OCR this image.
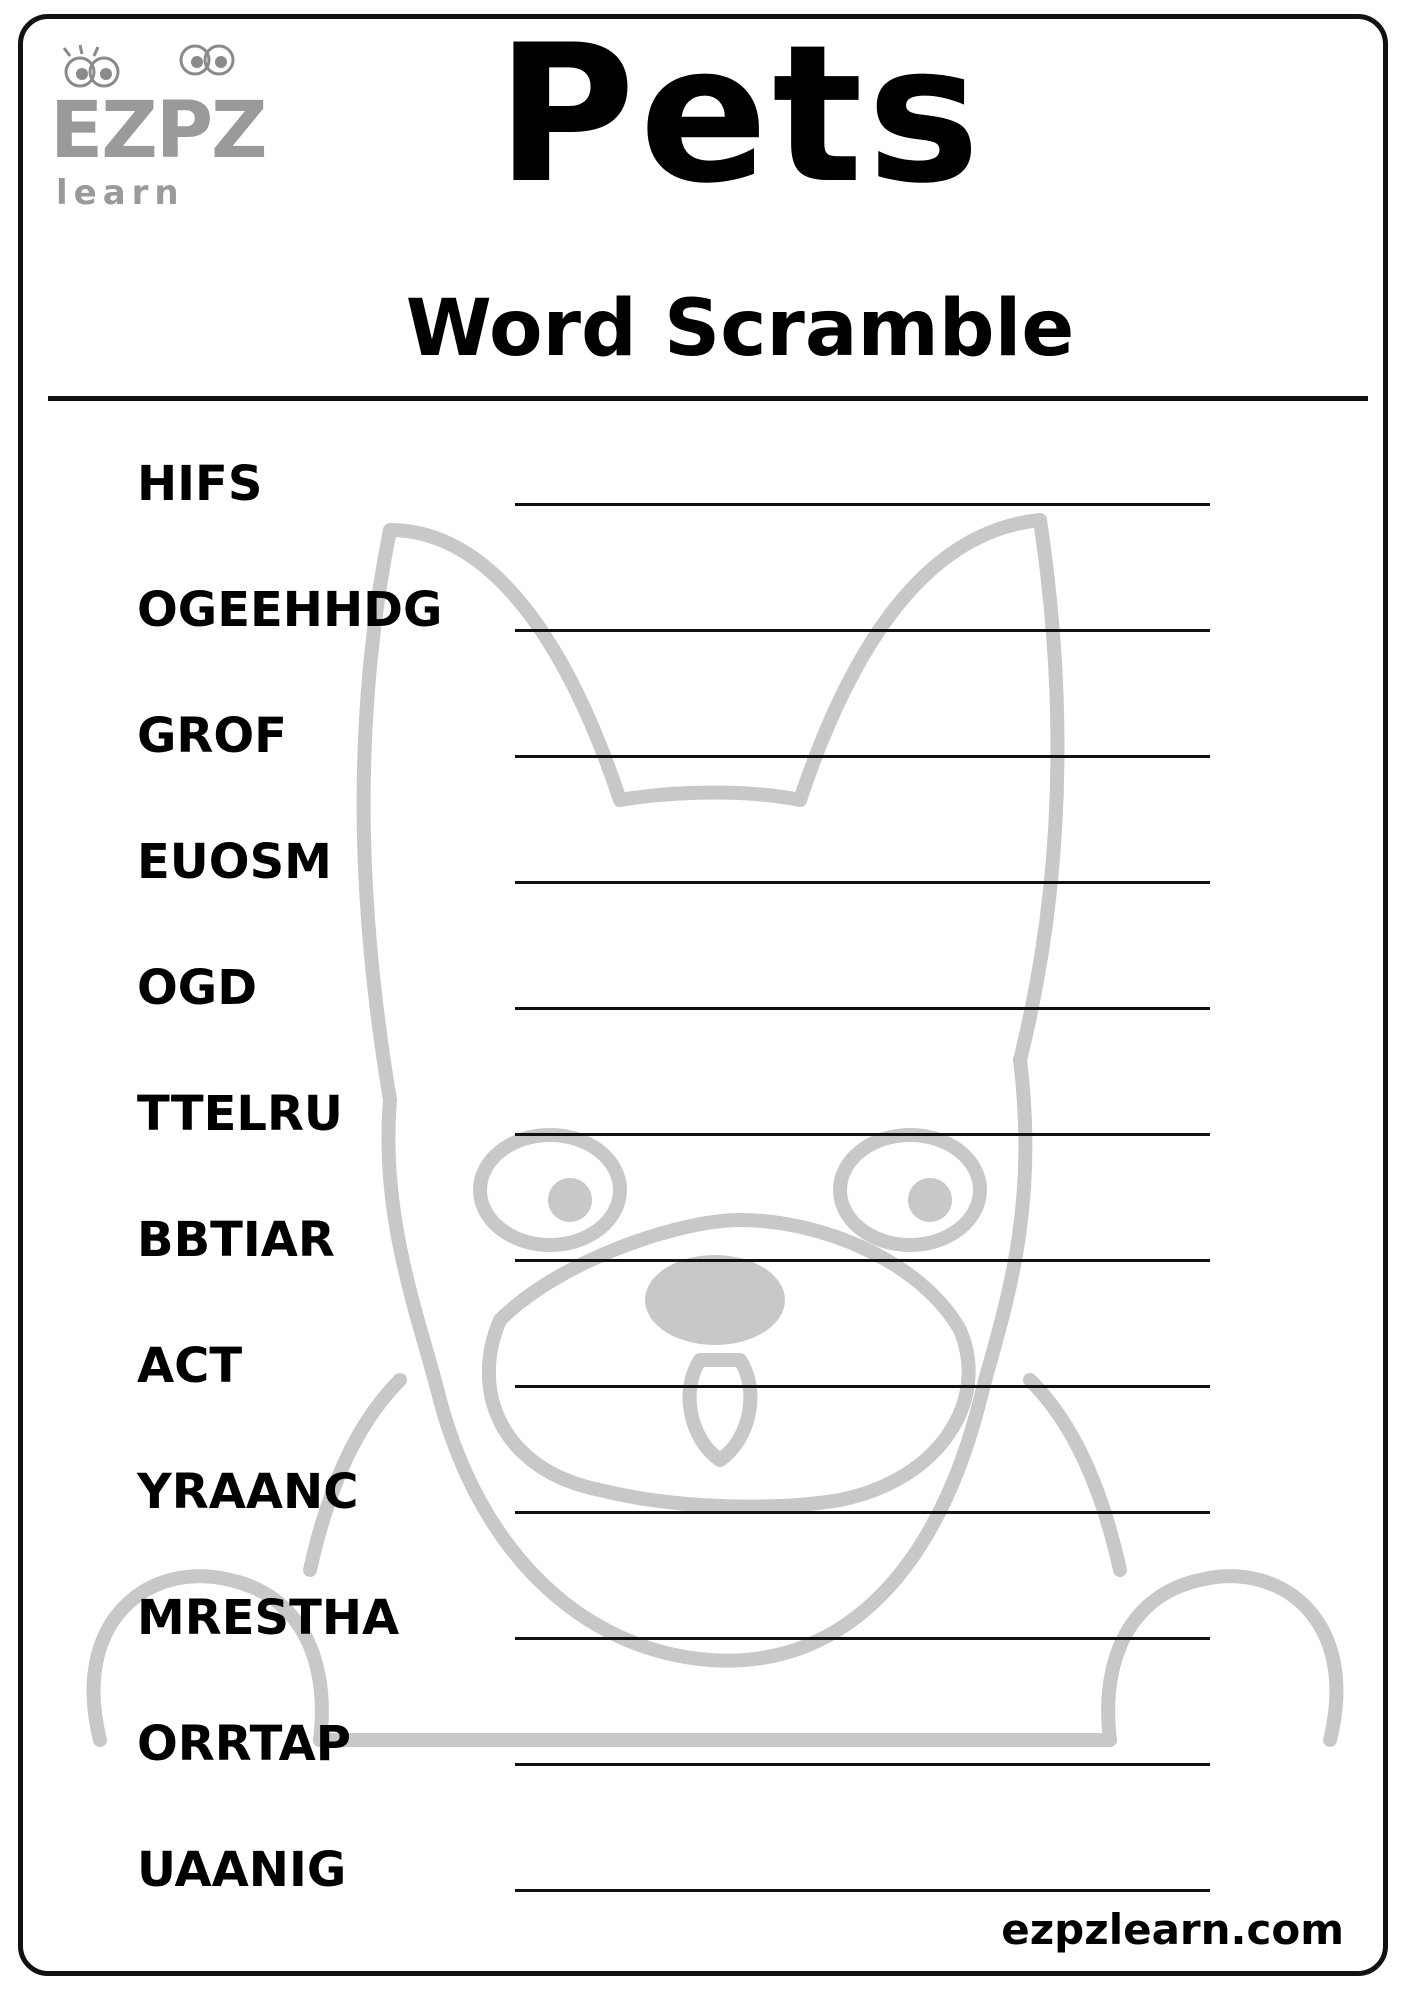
EZPZ
learn	Pets
Word Scramble
HIFS
OGEEHHDG
GROF
EUOSM
OGD
TTELRU
BBTIAR
ACT
YRAANC
MRESTHA
ORRTAP
UAANIG
ezpzlearn.com
